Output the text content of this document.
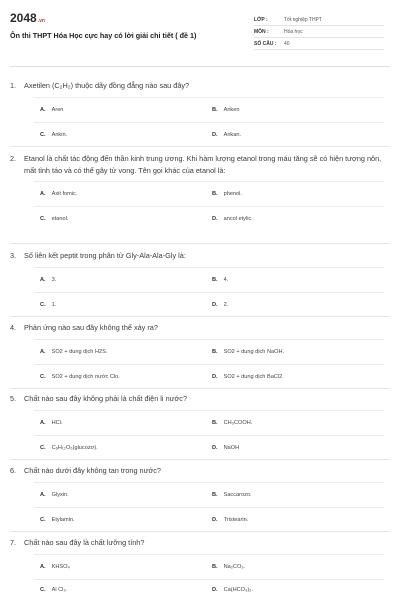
2048.vn
Ôn thi THPT Hóa Học cực hay có lời giải chi tiết ( đề 1)
LỚP :	Tốt nghiệp THPT
MÔN :	Hóa học
SỐ CÂU : 40
1. Axetilen (C₂H₂) thuộc dãy đồng đẳng nào sau đây?
A. Aren	B. Anken
C. Ankin.	D. Ankan.
2. Etanol là chất tác động đến thần kinh trung ương. Khi hàm lượng etanol trong máu tăng sẽ có hiện tượng nôn, mất tỉnh táo và có thể gây tử vong. Tên gọi khác của etanol là:
A. Axit fomic.	B. phenol.
C. etanol.	D. ancol etylic.
3. Số liên kết peptit trong phân tử Gly-Ala-Ala-Gly là:
A. 3.	B. 4.
C. 1.	D. 2.
4. Phản ứng nào sau đây không thể xảy ra?
A. SO2 + dung dịch H2S.	B. SO2 + dung dịch NaOH.
C. SO2 + dung dịch nước Clo.	D. SO2 + dung dịch BaCl2.
5. Chất nào sau đây không phải là chất điện li nước?
A. HCl.	B. CH₃COOH.
C. C₆H₁₂O₆(glucozơ).	D. NaOH
6. Chất nào dưới đây không tan trong nước?
A. Glyxin.	B. Saccarozo.
C. Etylamin.	D. Tristearin.
7. Chất nào sau đây là chất lưỡng tính?
A. KHSO₄	B. Na₂CO₃.
C. Al Cl₃.	D. Ca(HCO₃)₂.
